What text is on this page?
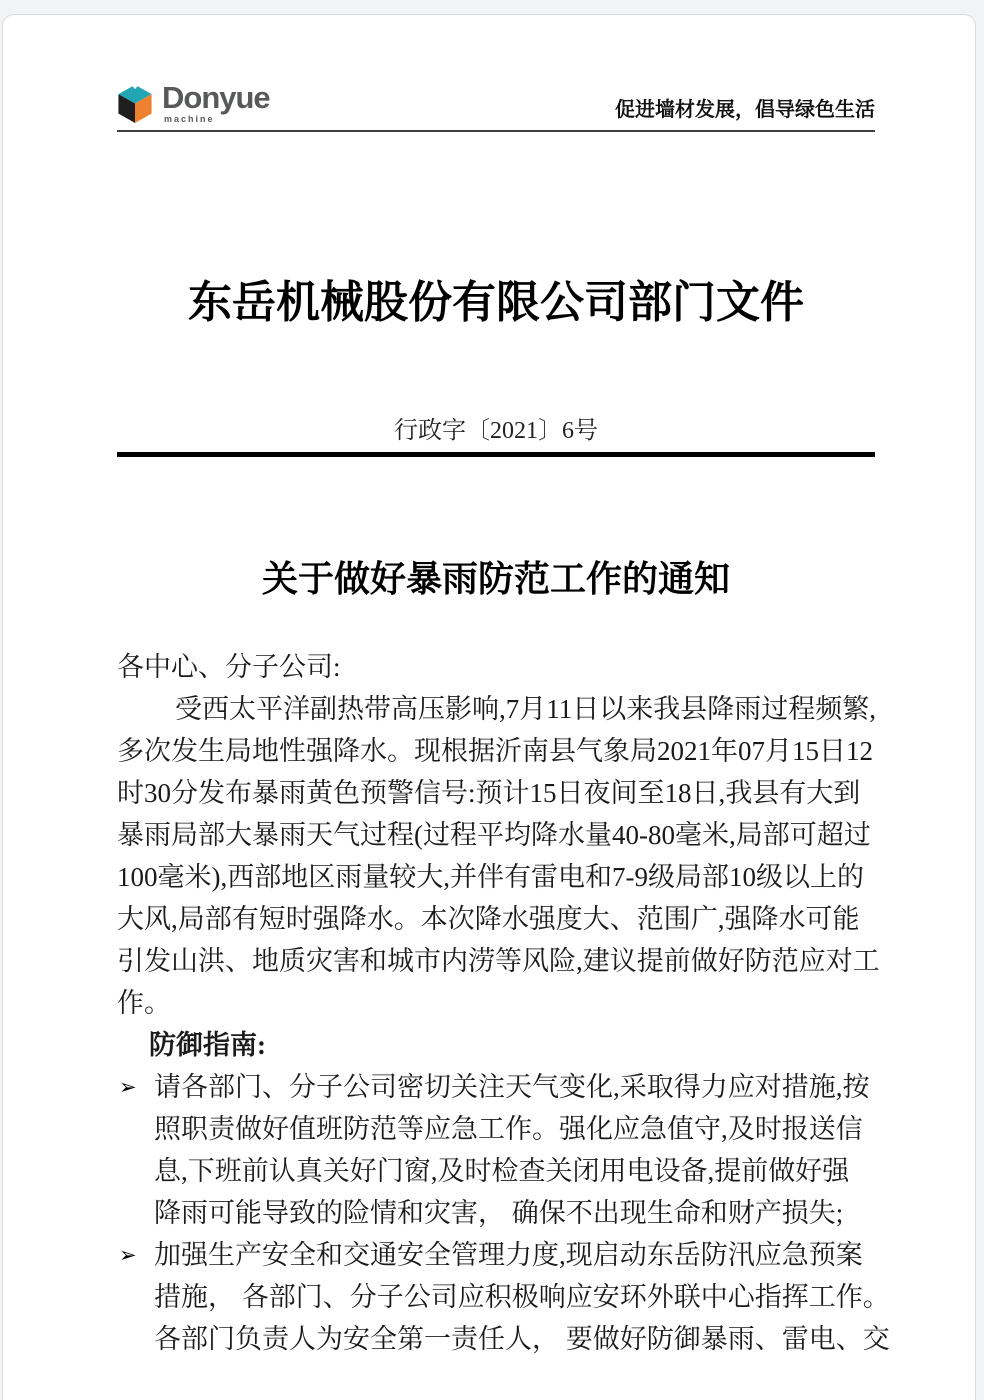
Donyue
machine	促进墙材发展，倡导绿色生活
东岳机械股份有限公司部门文件
行政字〔2021〕6号
关于做好暴雨防范工作的通知
各中心、分子公司:
受西太平洋副热带高压影响,7月11日以来我县降雨过程频繁,
多次发生局地性强降水。现根据沂南县气象局2021年07月15日12
时30分发布暴雨黄色预警信号:预计15日夜间至18日,我县有大到
暴雨局部大暴雨天气过程(过程平均降水量40-80毫米,局部可超过
100毫米),西部地区雨量较大,并伴有雷电和7-9级局部10级以上的
大风,局部有短时强降水。本次降水强度大、范围广,强降水可能
引发山洪、地质灾害和城市内涝等风险,建议提前做好防范应对工
作。
防御指南:
➢ 请各部门、分子公司密切关注天气变化,采取得力应对措施,按
照职责做好值班防范等应急工作。强化应急值守,及时报送信
息,下班前认真关好门窗,及时检查关闭用电设备,提前做好强
降雨可能导致的险情和灾害， 确保不出现生命和财产损失;
➢ 加强生产安全和交通安全管理力度,现启动东岳防汛应急预案
措施， 各部门、分子公司应积极响应安环外联中心指挥工作。
各部门负责人为安全第一责任人， 要做好防御暴雨、雷电、交
